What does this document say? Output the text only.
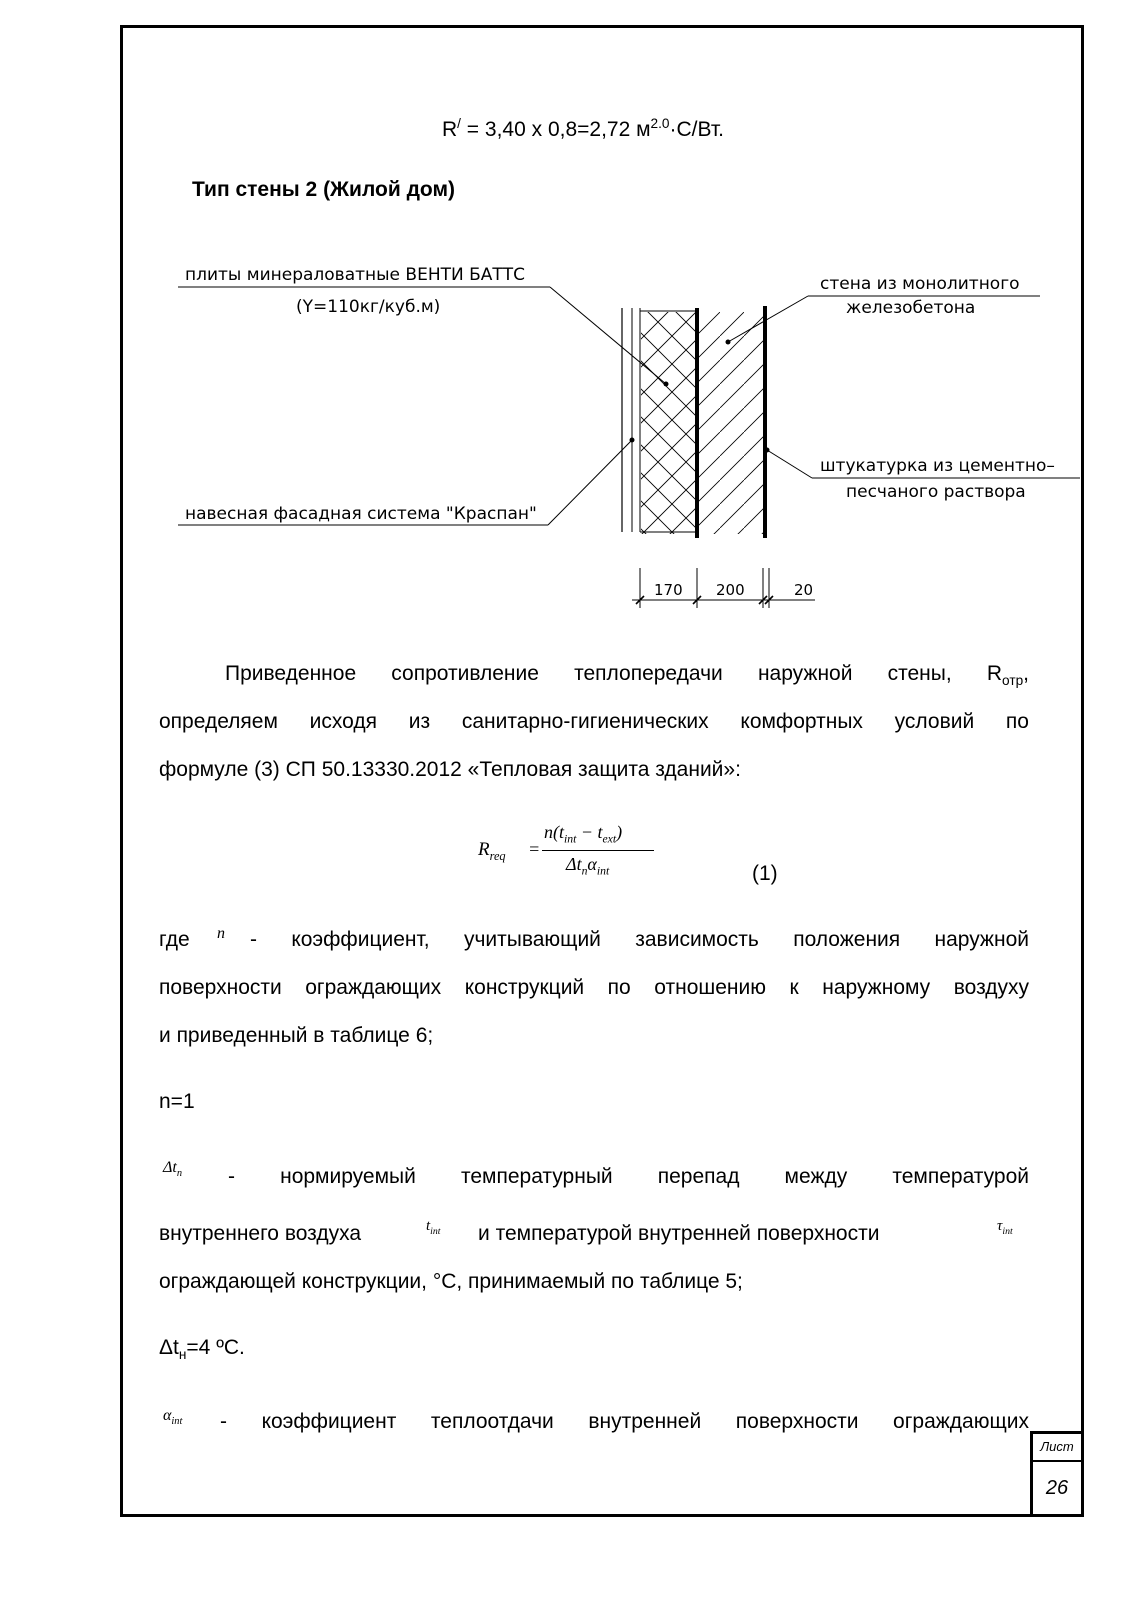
Лист
26
R/ = 3,40 х 0,8=2,72 $м^{2.0}\cdot С/Вт$.
Тип стены 2 (Жилой дом)
плиты минераловатные ВЕНТИ БАТТС
(Y=110кг/куб.м)
навесная фасадная система "Краспан"
стена из монолитного
железобетона
штукатурка из цементно–
песчаного раствора
170 200	20
Приведенное сопротивление теплопередачи наружной стены, $R_{отр}$,
определяем исходя из санитарно-гигиенических комфортных условий по
формуле (3) СП 50.13330.2012 «Тепловая защита зданий»:
$R_{req}$ =
$n(t_{int} - t_{ext})$
$\Delta t_n\alpha_{int}$	(1)
где n - коэффициент, учитывающий зависимость положения наружной
поверхности ограждающих конструкций по отношению к наружному воздуху
и приведенный в таблице 6;
n=1
$\Delta t_n$ - нормируемый температурный перепад между температурой
внутреннего воздуха	$t_{int}$ и температурой внутренней поверхности	$\tau_{int}$
ограждающей конструкции, °С, принимаемый по таблице 5;
$\Delta t_н=4$ ºС.
$\alpha_{int}$ - коэффициент теплоотдачи внутренней поверхности ограждающих
